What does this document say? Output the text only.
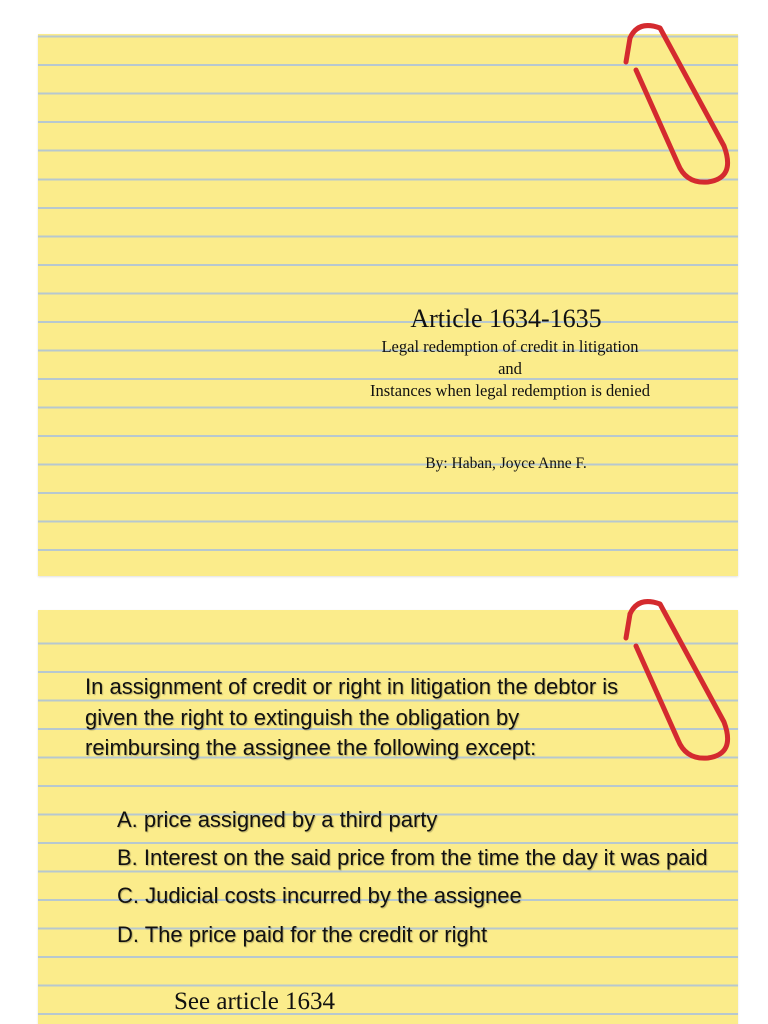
Article 1634-1635
Legal redemption of credit in litigation
and
Instances when legal redemption is denied
By: Haban, Joyce Anne F.
In assignment of credit or right in litigation the debtor is given the right to extinguish the obligation by reimbursing the assignee the following except:
A. price assigned by a third party
B. Interest on the said price from the time the day it was paid
C. Judicial costs incurred by the assignee
D. The price paid for the credit or right
See article 1634
